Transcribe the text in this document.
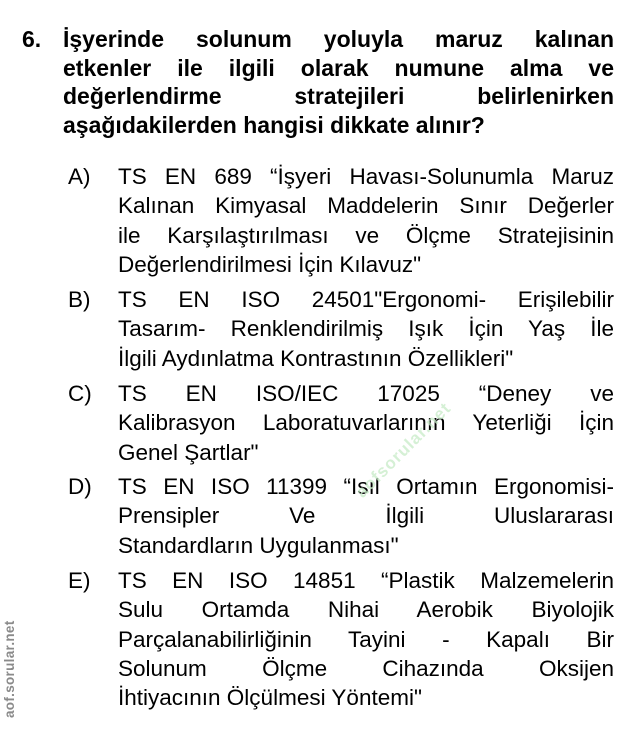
6. İşyerinde solunum yoluyla maruz kalınan
etkenler ile ilgili olarak numune alma ve
değerlendirme stratejileri belirlenirken
aşağıdakilerden hangisi dikkate alınır?
A) TS EN 689 “İşyeri Havası-Solunumla Maruz
Kalınan Kimyasal Maddelerin Sınır Değerler
ile Karşılaştırılması ve Ölçme Stratejisinin
Değerlendirilmesi İçin Kılavuz"
B) TS EN ISO 24501"Ergonomi- Erişilebilir
Tasarım- Renklendirilmiş Işık İçin Yaş İle
İlgili Aydınlatma Kontrastının Özellikleri"
C) TS EN ISO/IEC 17025 “Deney ve
Kalibrasyon Laboratuvarlarının Yeterliği İçin
Genel Şartlar"
D) TS EN ISO 11399 “Isıl Ortamın Ergonomisi-
Prensipler Ve İlgili Uluslararası
Standardların Uygulanması"
E) TS EN ISO 14851 “Plastik Malzemelerin
Sulu Ortamda Nihai Aerobik Biyolojik
Parçalanabilirliğinin Tayini - Kapalı Bir
Solunum Ölçme Cihazında Oksijen
İhtiyacının Ölçülmesi Yöntemi"
aofsorular.net
aof.sorular.net
